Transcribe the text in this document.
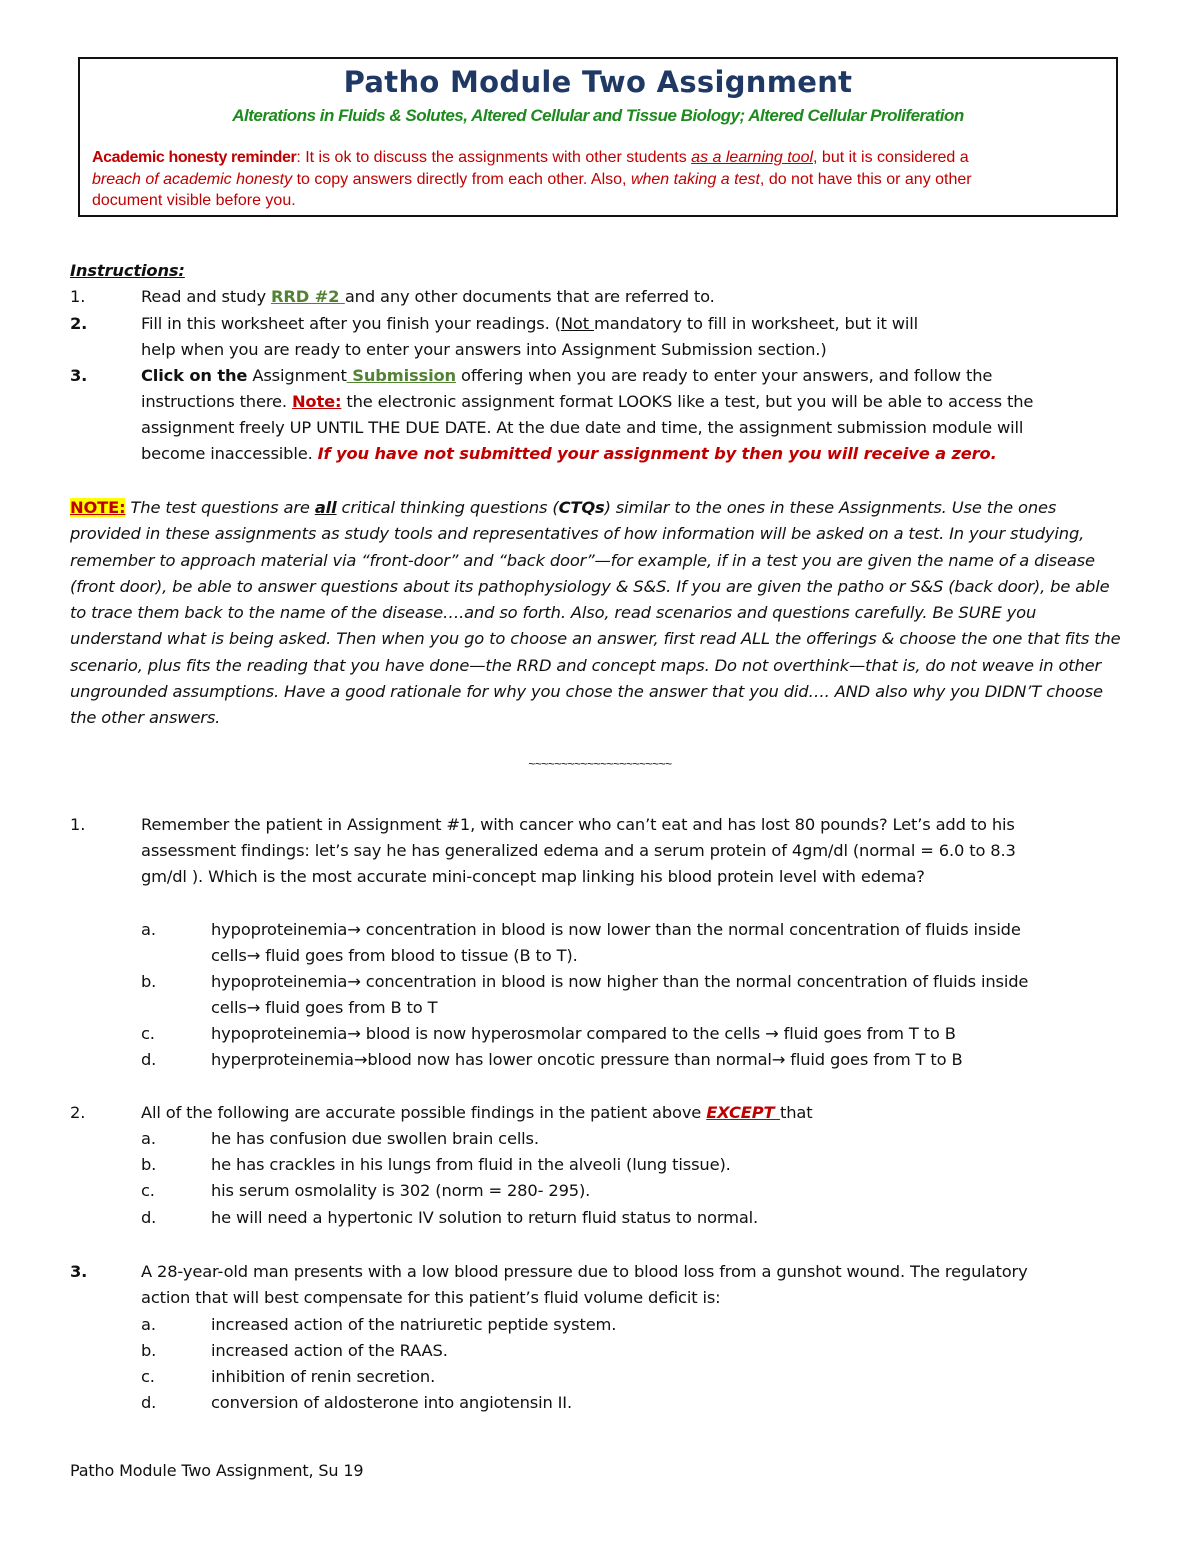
Patho Module Two Assignment
Alterations in Fluids & Solutes, Altered Cellular and Tissue Biology; Altered Cellular Proliferation
Academic honesty reminder: It is ok to discuss the assignments with other students as a learning tool, but it is considered a
breach of academic honesty to copy answers directly from each other. Also, when taking a test, do not have this or any other
document visible before you.
Instructions:
1.	Read and study RRD #2 and any other documents that are referred to.
2.	Fill in this worksheet after you finish your readings. (Not mandatory to fill in worksheet, but it will
help when you are ready to enter your answers into Assignment Submission section.)
3.	Click on the Assignment Submission offering when you are ready to enter your answers, and follow the
instructions there. Note: the electronic assignment format LOOKS like a test, but you will be able to access the
assignment freely UP UNTIL THE DUE DATE. At the due date and time, the assignment submission module will
become inaccessible. If you have not submitted your assignment by then you will receive a zero.
NOTE: The test questions are all critical thinking questions (CTQs) similar to the ones in these Assignments. Use the ones provided in these assignments as study tools and representatives of how information will be asked on a test. In your studying, remember to approach material via “front-door” and “back door”—for example, if in a test you are given the name of a disease (front door), be able to answer questions about its pathophysiology & S&S. If you are given the patho or S&S (back door), be able to trace them back to the name of the disease….and so forth. Also, read scenarios and questions carefully. Be SURE you understand what is being asked. Then when you go to choose an answer, first read ALL the offerings & choose the one that fits the scenario, plus fits the reading that you have done—the RRD and concept maps. Do not overthink—that is, do not weave in other ungrounded assumptions. Have a good rationale for why you chose the answer that you did…. AND also why you DIDN’T choose the other answers.
~~~~~~~~~~~~~~~~~~~~~~
1.	Remember the patient in Assignment #1, with cancer who can’t eat and has lost 80 pounds? Let’s add to his
assessment findings: let’s say he has generalized edema and a serum protein of 4gm/dl (normal = 6.0 to 8.3
gm/dl ). Which is the most accurate mini-concept map linking his blood protein level with edema?
a.	hypoproteinemia→ concentration in blood is now lower than the normal concentration of fluids inside
cells→ fluid goes from blood to tissue (B to T).
b.	hypoproteinemia→ concentration in blood is now higher than the normal concentration of fluids inside
cells→ fluid goes from B to T
c.	hypoproteinemia→ blood is now hyperosmolar compared to the cells → fluid goes from T to B
d.	hyperproteinemia→blood now has lower oncotic pressure than normal→ fluid goes from T to B
2.	All of the following are accurate possible findings in the patient above EXCEPT that
a.	he has confusion due swollen brain cells.
b.	he has crackles in his lungs from fluid in the alveoli (lung tissue).
c.	his serum osmolality is 302 (norm = 280- 295).
d.	he will need a hypertonic IV solution to return fluid status to normal.
3.	A 28-year-old man presents with a low blood pressure due to blood loss from a gunshot wound. The regulatory
action that will best compensate for this patient’s fluid volume deficit is:
a.	increased action of the natriuretic peptide system.
b.	increased action of the RAAS.
c.	inhibition of renin secretion.
d.	conversion of aldosterone into angiotensin II.
Patho Module Two Assignment, Su 19
